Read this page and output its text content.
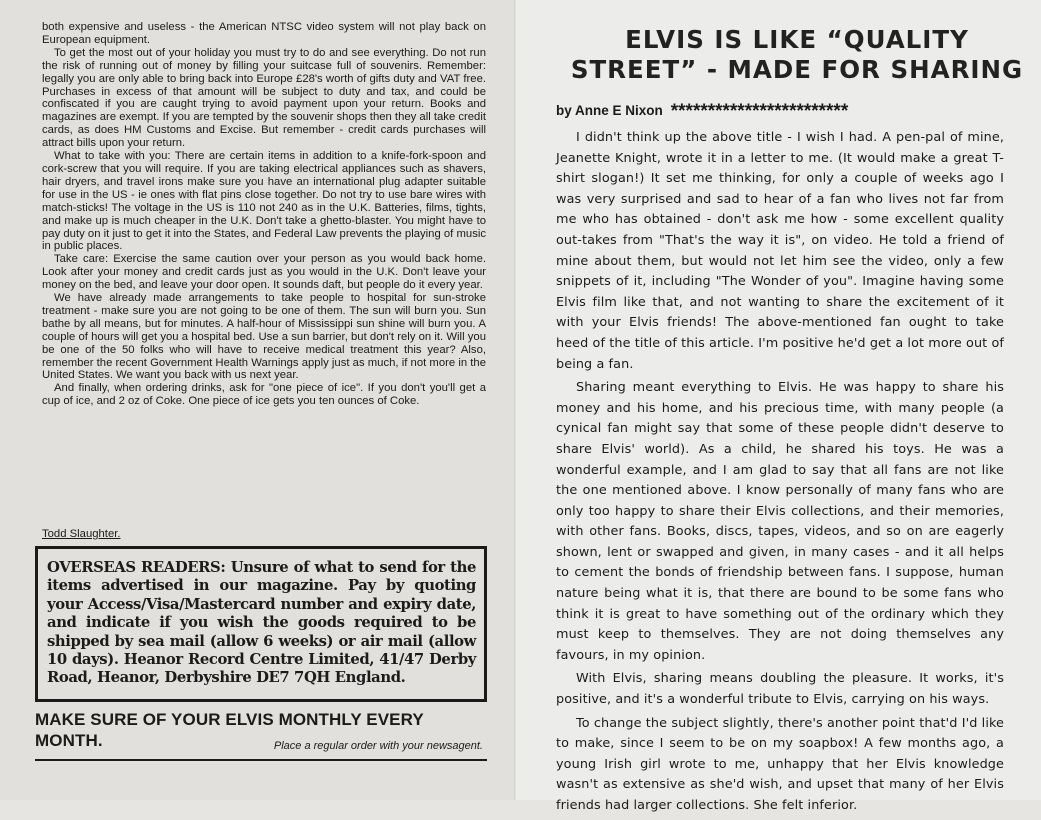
both expensive and useless - the American NTSC video system will not play back on European equipment.

To get the most out of your holiday you must try to do and see everything. Do not run the risk of running out of money by filling your suitcase full of souvenirs. Remember: legally you are only able to bring back into Europe £28's worth of gifts duty and VAT free. Purchases in excess of that amount will be subject to duty and tax, and could be confiscated if you are caught trying to avoid payment upon your return. Books and magazines are exempt. If you are tempted by the souvenir shops then they all take credit cards, as does HM Customs and Excise. But remember - credit cards purchases will attract bills upon your return.

What to take with you: There are certain items in addition to a knife-fork-spoon and cork-screw that you will require. If you are taking electrical appliances such as shavers, hair dryers, and travel irons make sure you have an international plug adapter suitable for use in the US - ie ones with flat pins close together. Do not try to use bare wires with match-sticks! The voltage in the US is 110 not 240 as in the U.K. Batteries, films, tights, and make up is much cheaper in the U.K. Don't take a ghetto-blaster. You might have to pay duty on it just to get it into the States, and Federal Law prevents the playing of music in public places.

Take care: Exercise the same caution over your person as you would back home. Look after your money and credit cards just as you would in the U.K. Don't leave your money on the bed, and leave your door open. It sounds daft, but people do it every year.

We have already made arrangements to take people to hospital for sun-stroke treatment - make sure you are not going to be one of them. The sun will burn you. Sun bathe by all means, but for minutes. A half-hour of Mississippi sun shine will burn you. A couple of hours will get you a hospital bed. Use a sun barrier, but don't rely on it. Will you be one of the 50 folks who will have to receive medical treatment this year? Also, remember the recent Government Health Warnings apply just as much, if not more in the United States. We want you back with us next year.

And finally, when ordering drinks, ask for "one piece of ice". If you don't you'll get a cup of ice, and 2 oz of Coke. One piece of ice gets you ten ounces of Coke.

Todd Slaughter.

OVERSEAS READERS: Unsure of what to send for the items advertised in our magazine. Pay by quoting your Access/Visa/Mastercard number and expiry date, and indicate if you wish the goods required to be shipped by sea mail (allow 6 weeks) or air mail (allow 10 days). Heanor Record Centre Limited, 41/47 Derby Road, Heanor, Derbyshire DE7 7QH England.

MAKE SURE OF YOUR ELVIS MONTHLY EVERY MONTH.	Place a regular order with your newsagent.
ELVIS IS LIKE “QUALITY STREET” - MADE FOR SHARING
by Anne E Nixon ************************

I didn't think up the above title - I wish I had. A pen-pal of mine, Jeanette Knight, wrote it in a letter to me. (It would make a great T-shirt slogan!) It set me thinking, for only a couple of weeks ago I was very surprised and sad to hear of a fan who lives not far from me who has obtained - don't ask me how - some excellent quality out-takes from "That's the way it is", on video. He told a friend of mine about them, but would not let him see the video, only a few snippets of it, including "The Wonder of you". Imagine having some Elvis film like that, and not wanting to share the excitement of it with your Elvis friends! The above-mentioned fan ought to take heed of the title of this article. I'm positive he'd get a lot more out of being a fan.

Sharing meant everything to Elvis. He was happy to share his money and his home, and his precious time, with many people (a cynical fan might say that some of these people didn't deserve to share Elvis' world). As a child, he shared his toys. He was a wonderful example, and I am glad to say that all fans are not like the one mentioned above. I know personally of many fans who are only too happy to share their Elvis collections, and their memories, with other fans. Books, discs, tapes, videos, and so on are eagerly shown, lent or swapped and given, in many cases - and it all helps to cement the bonds of friendship between fans. I suppose, human nature being what it is, that there are bound to be some fans who think it is great to have something out of the ordinary which they must keep to themselves. They are not doing themselves any favours, in my opinion.

With Elvis, sharing means doubling the pleasure. It works, it's positive, and it's a wonderful tribute to Elvis, carrying on his ways.

To change the subject slightly, there's another point that'd I'd like to make, since I seem to be on my soapbox! A few months ago, a young Irish girl wrote to me, unhappy that her Elvis knowledge wasn't as extensive as she'd wish, and upset that many of her Elvis friends had larger collections. She felt inferior.
